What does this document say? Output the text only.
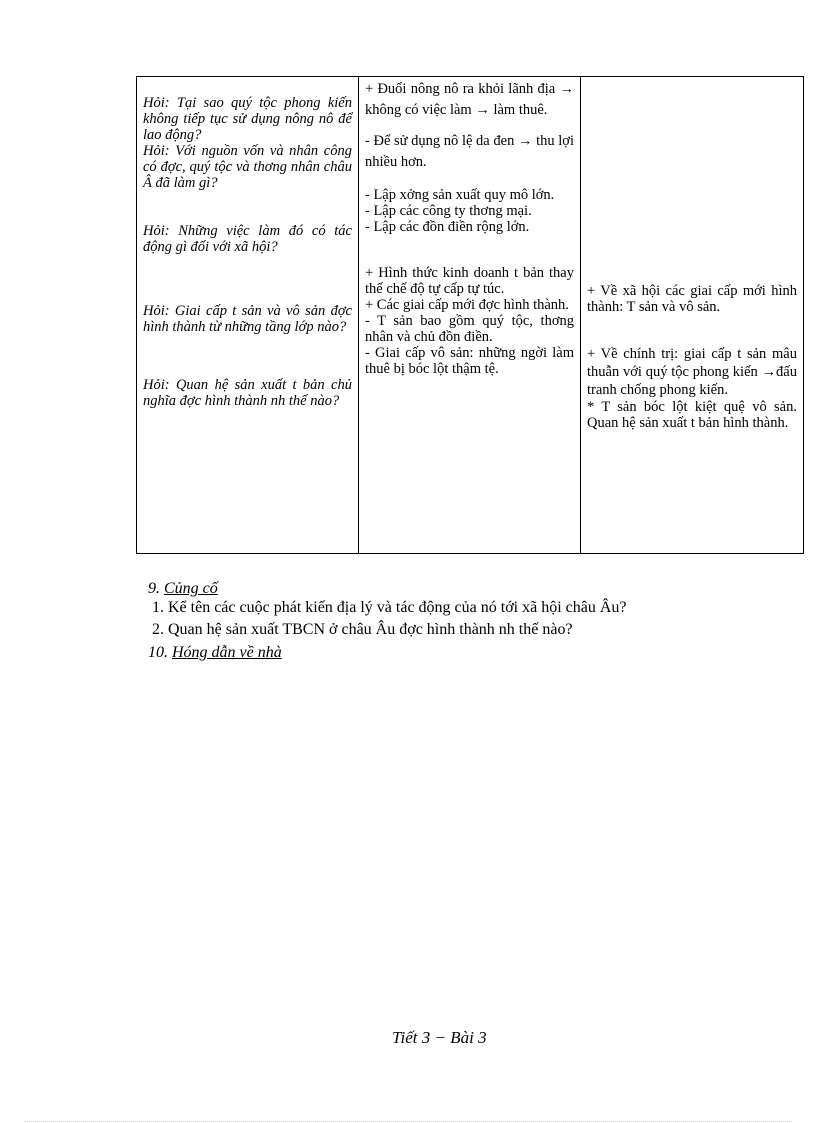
Hỏi: Tại sao quý tộc phong kiến không tiếp tục sử dụng nông nô để lao động?
Hỏi: Với nguồn vốn và nhân công có đợc, quý tộc và thơng nhân châu Â đã làm gì?
Hỏi: Những việc làm đó có tác động gì đối với xã hội?
Hỏi: Giai cấp t sản và vô sản đợc hình thành từ những tầng lớp nào?
Hỏi: Quan hệ sản xuất t bản chủ nghĩa đợc hình thành nh thế nào?

+ Đuổi nông nô ra khỏi lãnh địa → không có việc làm → làm thuê.
- Để sử dụng nô lệ da đen → thu lợi nhiều hơn.
- Lập xởng sản xuất quy mô lớn.
- Lập các công ty thơng mại.
- Lập các đồn điền rộng lớn.
+ Hình thức kinh doanh t bản thay thế chế độ tự cấp tự túc.
+ Các giai cấp mới đợc hình thành.
- T sản bao gồm quý tộc, thơng nhân và chủ đồn điền.
- Giai cấp vô sản: những ngời làm thuê bị bóc lột thậm tệ.

+ Về xã hội các giai cấp mới hình thành: T sản và vô sản.
+ Về chính trị: giai cấp t sản mâu thuẫn với quý tộc phong kiến →đấu tranh chống phong kiến.
* T sản bóc lột kiệt quệ vô sản. Quan hệ sản xuất t bản hình thành.
9. Củng cố
1. Kể tên các cuộc phát kiến địa lý và tác động của nó tới xã hội châu Âu?
2. Quan hệ sản xuất TBCN ở châu Âu đợc hình thành nh thế nào?
10. Hóng dẫn về nhà
Tiết 3 − Bài 3
